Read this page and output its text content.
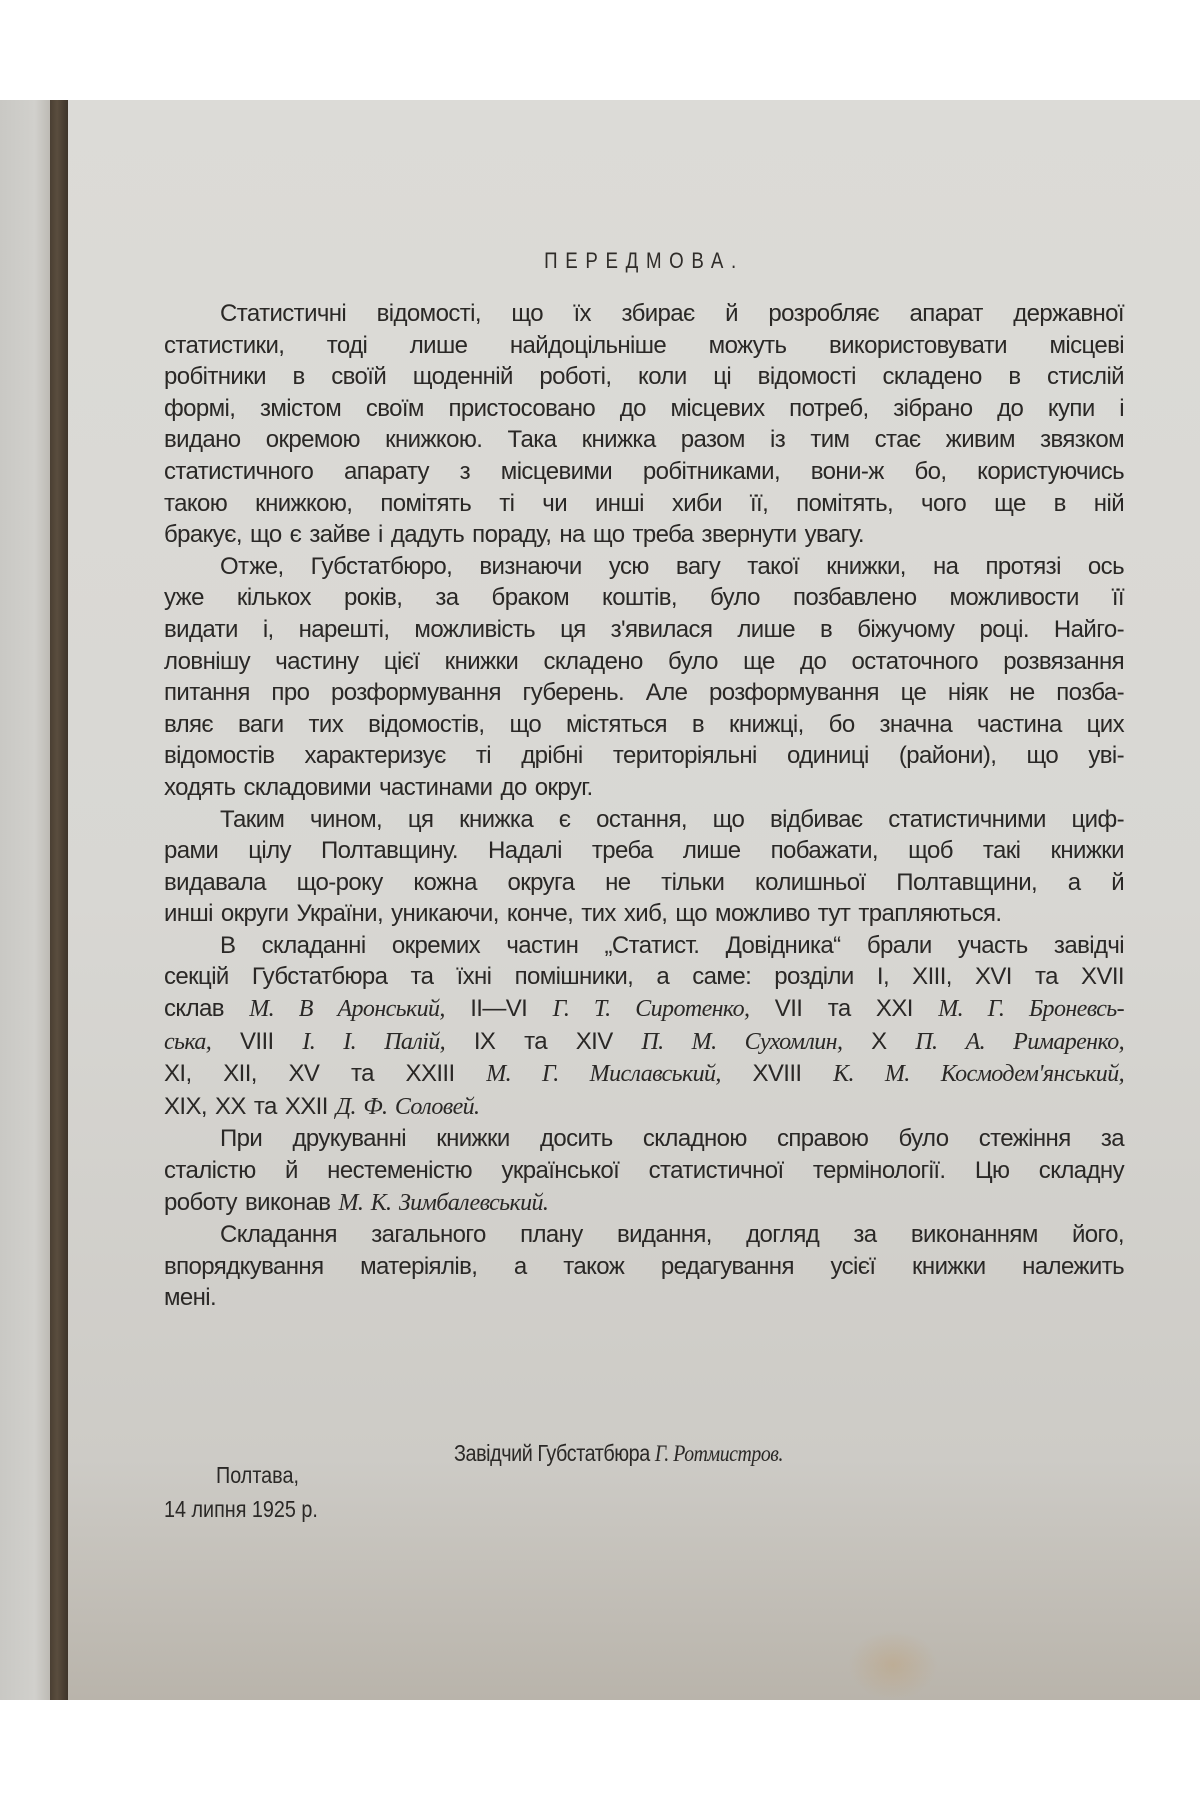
ПЕРЕДМОВА.
Статистичні відомості, що їх збирає й розробляє апарат державної
статистики, тоді лише найдоцільніше можуть використовувати місцеві
робітники в своїй щоденній роботі, коли ці відомості складено в стислій
формі, змістом своїм пристосовано до місцевих потреб, зібрано до купи і
видано окремою книжкою. Така книжка разом із тим стає живим звязком
статистичного апарату з місцевими робітниками, вони-ж бо, користуючись
такою книжкою, помітять ті чи инші хиби її, помітять, чого ще в ній
бракує, що є зайве і дадуть пораду, на що треба звернути увагу.
Отже, Губстатбюро, визнаючи усю вагу такої книжки, на протязі ось
уже кількох років, за браком коштів, було позбавлено можливости її
видати і, нарешті, можливість ця з'явилася лише в біжучому році. Найго-
ловнішу частину цієї книжки складено було ще до остаточного розвязання
питання про розформування губерень. Але розформування це ніяк не позба-
вляє ваги тих відомостів, що містяться в книжці, бо значна частина цих
відомостів характеризує ті дрібні територіяльні одиниці (райони), що уві-
ходять складовими частинами до округ.
Таким чином, ця книжка є остання, що відбиває статистичними циф-
рами цілу Полтавщину. Надалі треба лише побажати, щоб такі книжки
видавала що-року кожна округа не тільки колишньої Полтавщини, а й
инші округи України, уникаючи, конче, тих хиб, що можливо тут трапляються.
В складанні окремих частин „Статист. Довідника“ брали участь завідчі
секцій Губстатбюра та їхні помішники, а саме: розділи I, XIII, XVI та XVII
склав М. В Аронський, II—VI Г. Т. Сиротенко, VII та XXI М. Г. Броневсь-
ська, VIII І. І. Палій, IX та XIV П. М. Сухомлин, X П. А. Римаренко,
XI, XII, XV та XXIII М. Г. Миславський, XVIII К. М. Космодем'янський,
XIX, XX та XXII Д. Ф. Соловей.
При друкуванні книжки досить складною справою було стежіння за
сталістю й нестеменістю української статистичної термінології. Цю складну
роботу виконав М. К. Зимбалевський.
Складання загального плану видання, догляд за виконанням його,
впорядкування матеріялів, а також редагування усієї книжки належить
мені.
Завідчий Губстатбюра Г. Ротмистров.
Полтава,
14 липня 1925 р.
